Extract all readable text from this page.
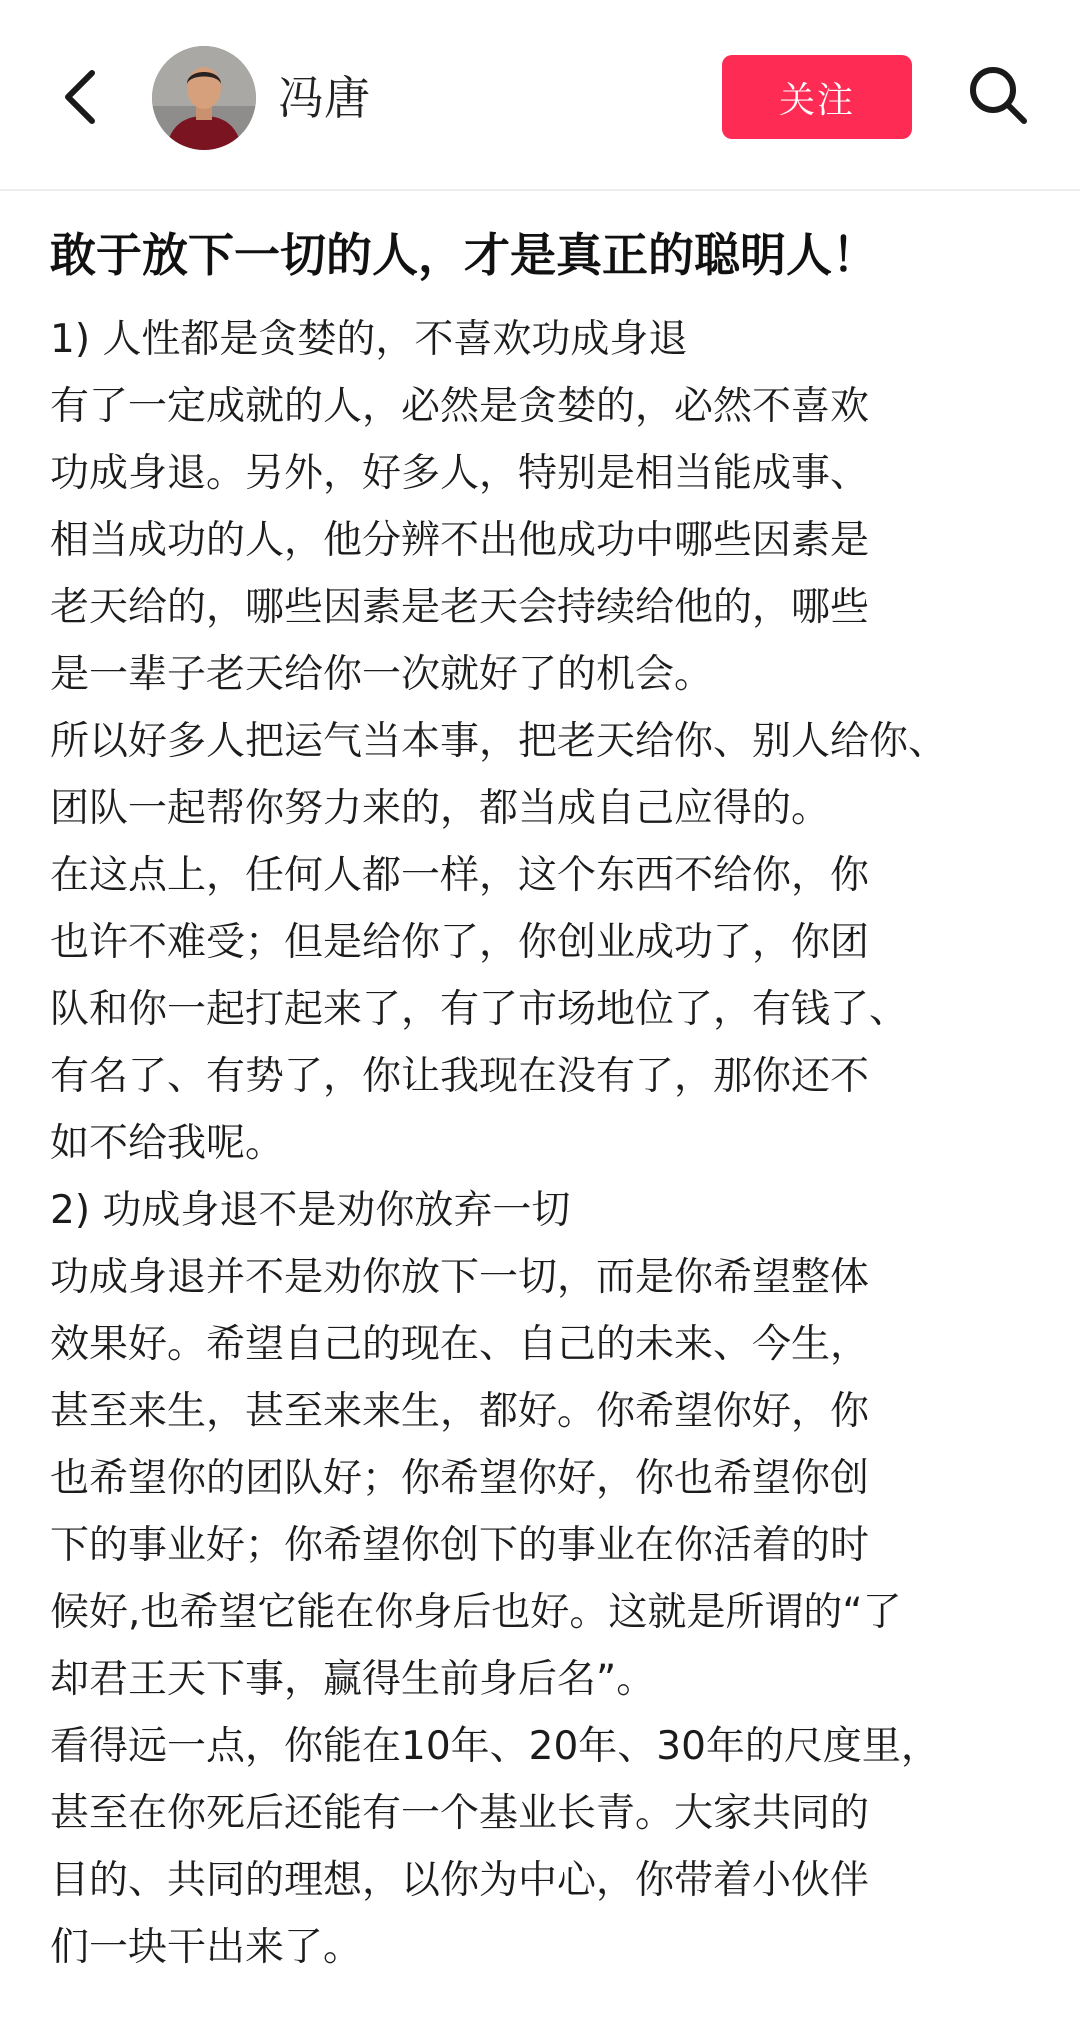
冯唐	关注
敢于放下一切的人，才是真正的聪明人！
1) 人性都是贪婪的，不喜欢功成身退
有了一定成就的人，必然是贪婪的，必然不喜欢
功成身退。另外，好多人，特别是相当能成事、
相当成功的人，他分辨不出他成功中哪些因素是
老天给的，哪些因素是老天会持续给他的，哪些
是一辈子老天给你一次就好了的机会。
所以好多人把运气当本事，把老天给你、别人给你、
团队一起帮你努力来的，都当成自己应得的。
在这点上，任何人都一样，这个东西不给你，你
也许不难受；但是给你了，你创业成功了，你团
队和你一起打起来了，有了市场地位了，有钱了、
有名了、有势了，你让我现在没有了，那你还不
如不给我呢。
2) 功成身退不是劝你放弃一切
功成身退并不是劝你放下一切，而是你希望整体
效果好。希望自己的现在、自己的未来、今生，
甚至来生，甚至来来生，都好。你希望你好，你
也希望你的团队好；你希望你好，你也希望你创
下的事业好；你希望你创下的事业在你活着的时
候好,也希望它能在你身后也好。这就是所谓的“了
却君王天下事，赢得生前身后名”。
看得远一点，你能在10年、20年、30年的尺度里，
甚至在你死后还能有一个基业长青。大家共同的
目的、共同的理想，以你为中心，你带着小伙伴
们一块干出来了。
